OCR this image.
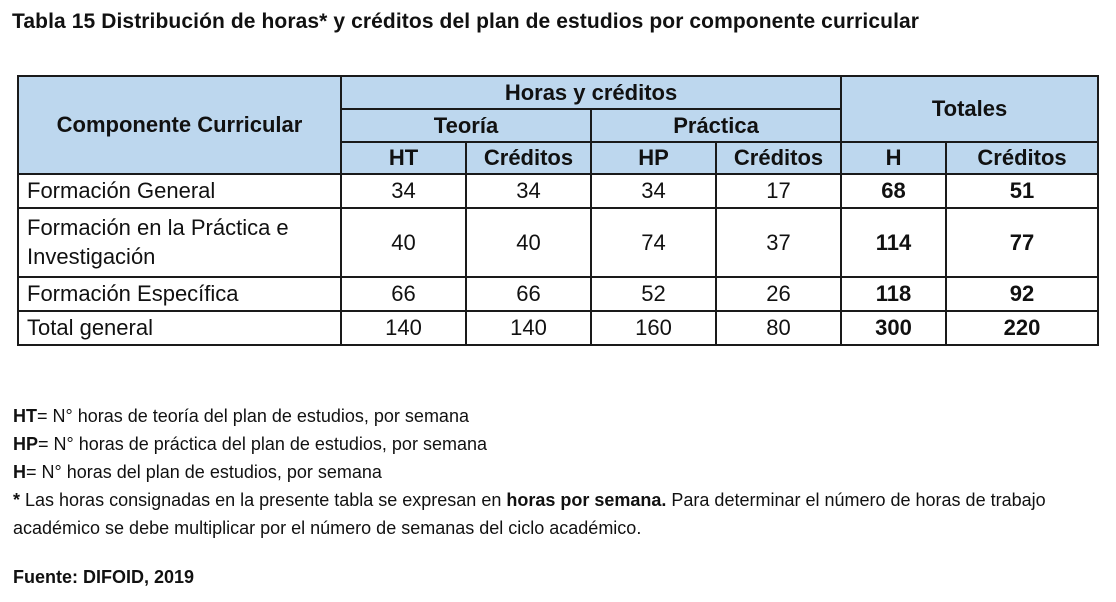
Tabla 15 Distribución de horas* y créditos del plan de estudios por componente curricular
Componente Curricular	Horas y créditos				Totales	
	Teoría		Práctica			
	HT	Créditos	HP	Créditos	H	Créditos
Formación General	34	34	34	17	68	51
Formación en la Práctica e Investigación	40	40	74	37	114	77
Formación Específica	66	66	52	26	118	92
Total general	140	140	160	80	300	220
HT= N° horas de teoría del plan de estudios, por semana
HP= N° horas de práctica del plan de estudios, por semana
H= N° horas del plan de estudios, por semana
* Las horas consignadas en la presente tabla se expresan en horas por semana. Para determinar el número de horas de trabajo académico se debe multiplicar por el número de semanas del ciclo académico.
Fuente: DIFOID, 2019
